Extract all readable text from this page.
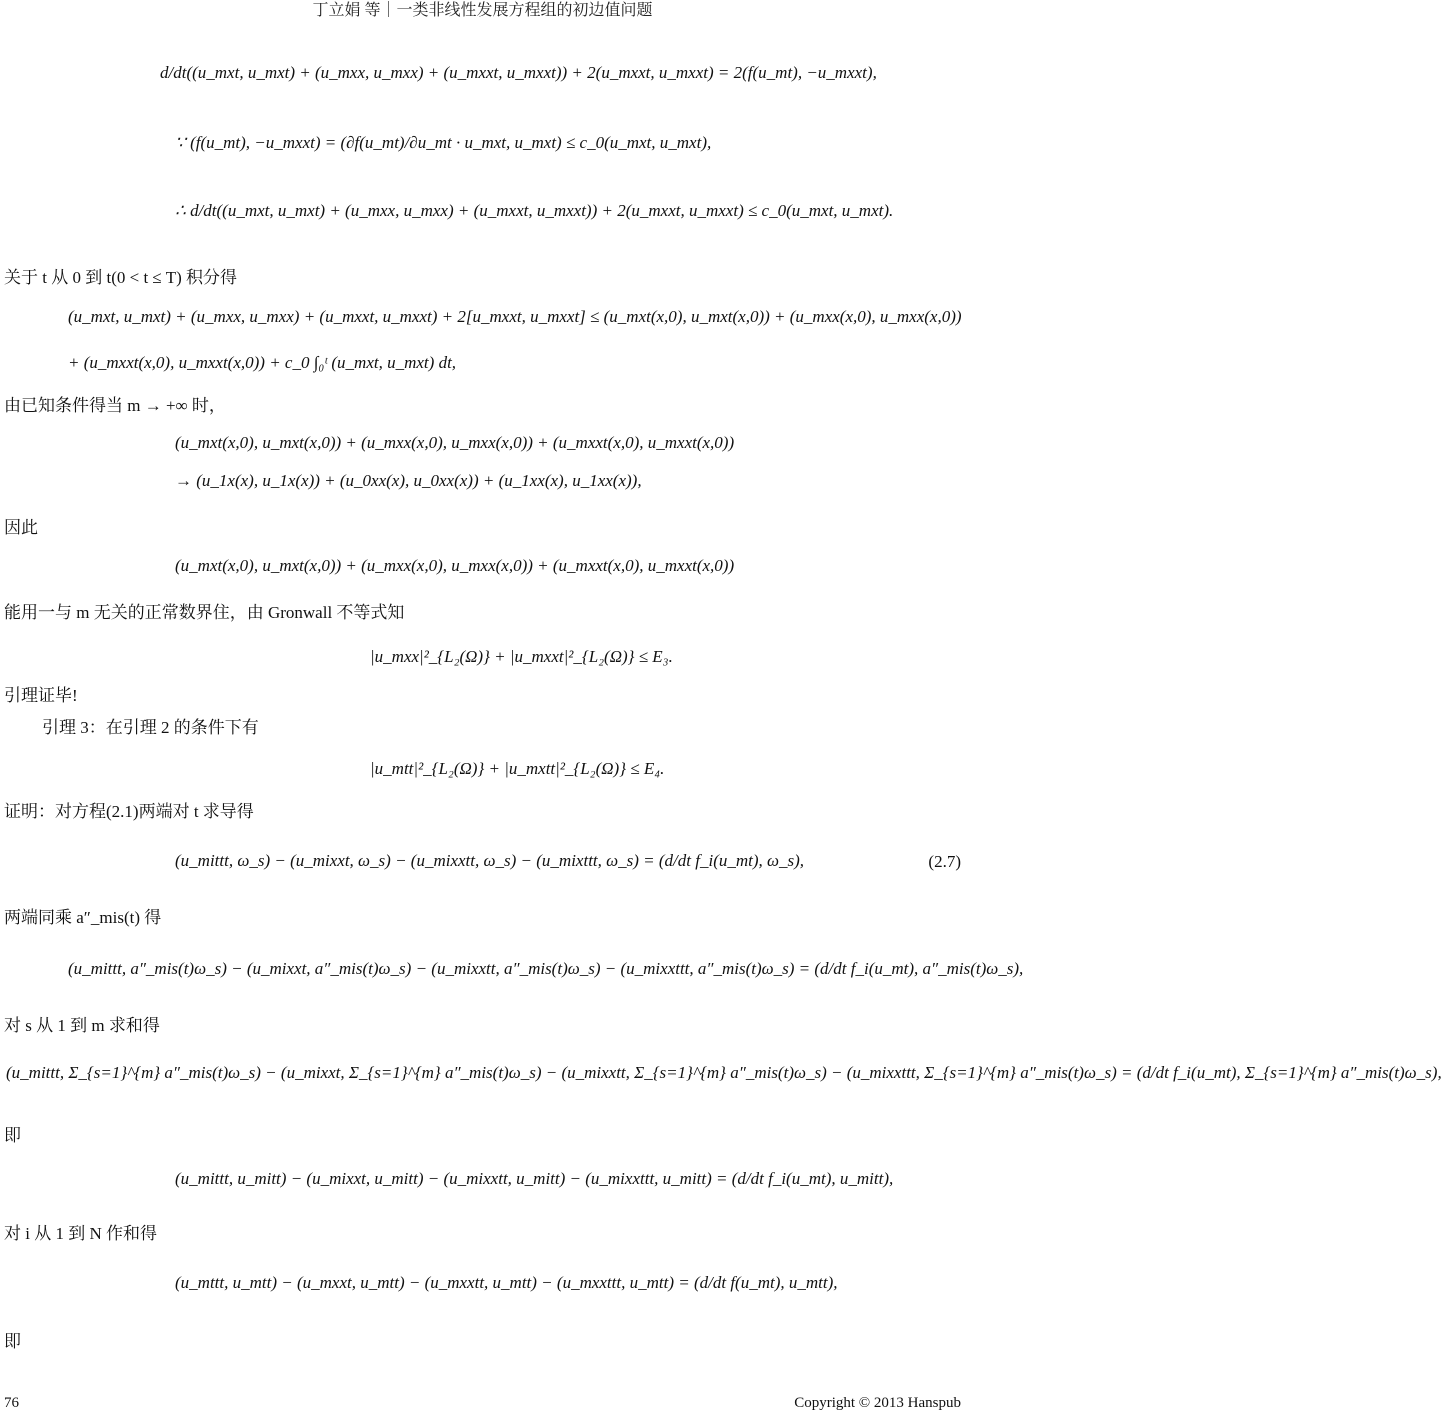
丁立娟 等｜一类非线性发展方程组的初边值问题
d/dt((u_mxt, u_mxt) + (u_mxx, u_mxx) + (u_mxxt, u_mxxt)) + 2(u_mxxt, u_mxxt) = 2(f(u_mt), −u_mxxt),
∵ (f(u_mt), −u_mxxt) = (∂f(u_mt)/∂u_mt · u_mxt, u_mxt) ≤ c_0(u_mxt, u_mxt),
∴ d/dt((u_mxt, u_mxt) + (u_mxx, u_mxx) + (u_mxxt, u_mxxt)) + 2(u_mxxt, u_mxxt) ≤ c_0(u_mxt, u_mxt).
关于 t 从 0 到 t(0 < t ≤ T) 积分得
(u_mxt, u_mxt) + (u_mxx, u_mxx) + (u_mxxt, u_mxxt) + 2[u_mxxt, u_mxxt] ≤ (u_mxt(x,0), u_mxt(x,0)) + (u_mxx(x,0), u_mxx(x,0))
+ (u_mxxt(x,0), u_mxxt(x,0)) + c_0 ∫₀ᵗ (u_mxt, u_mxt) dt,
由已知条件得当 m → +∞ 时，
(u_mxt(x,0), u_mxt(x,0)) + (u_mxx(x,0), u_mxx(x,0)) + (u_mxxt(x,0), u_mxxt(x,0))
→ (u_1x(x), u_1x(x)) + (u_0xx(x), u_0xx(x)) + (u_1xx(x), u_1xx(x)),
因此
(u_mxt(x,0), u_mxt(x,0)) + (u_mxx(x,0), u_mxx(x,0)) + (u_mxxt(x,0), u_mxxt(x,0))
能用一与 m 无关的正常数界住，由 Gronwall 不等式知
|u_mxx|²_{L₂(Ω)} + |u_mxxt|²_{L₂(Ω)} ≤ E₃.
引理证毕!
引理 3：在引理 2 的条件下有
|u_mtt|²_{L₂(Ω)} + |u_mxtt|²_{L₂(Ω)} ≤ E₄.
证明：对方程(2.1)两端对 t 求导得
(u_mittt, ω_s) − (u_mixxt, ω_s) − (u_mixxtt, ω_s) − (u_mixttt, ω_s) = (d/dt f_i(u_mt), ω_s),	(2.7)
两端同乘 a″_mis(t) 得
(u_mittt, a″_mis(t)ω_s) − (u_mixxt, a″_mis(t)ω_s) − (u_mixxtt, a″_mis(t)ω_s) − (u_mixxttt, a″_mis(t)ω_s) = (d/dt f_i(u_mt), a″_mis(t)ω_s),
对 s 从 1 到 m 求和得
(u_mittt, Σ_{s=1}^{m} a″_mis(t)ω_s) − (u_mixxt, Σ_{s=1}^{m} a″_mis(t)ω_s) − (u_mixxtt, Σ_{s=1}^{m} a″_mis(t)ω_s) − (u_mixxttt, Σ_{s=1}^{m} a″_mis(t)ω_s) = (d/dt f_i(u_mt), Σ_{s=1}^{m} a″_mis(t)ω_s),
即
(u_mittt, u_mitt) − (u_mixxt, u_mitt) − (u_mixxtt, u_mitt) − (u_mixxttt, u_mitt) = (d/dt f_i(u_mt), u_mitt),
对 i 从 1 到 N 作和得
(u_mttt, u_mtt) − (u_mxxt, u_mtt) − (u_mxxtt, u_mtt) − (u_mxxttt, u_mtt) = (d/dt f(u_mt), u_mtt),
即
76	Copyright © 2013 Hanspub
